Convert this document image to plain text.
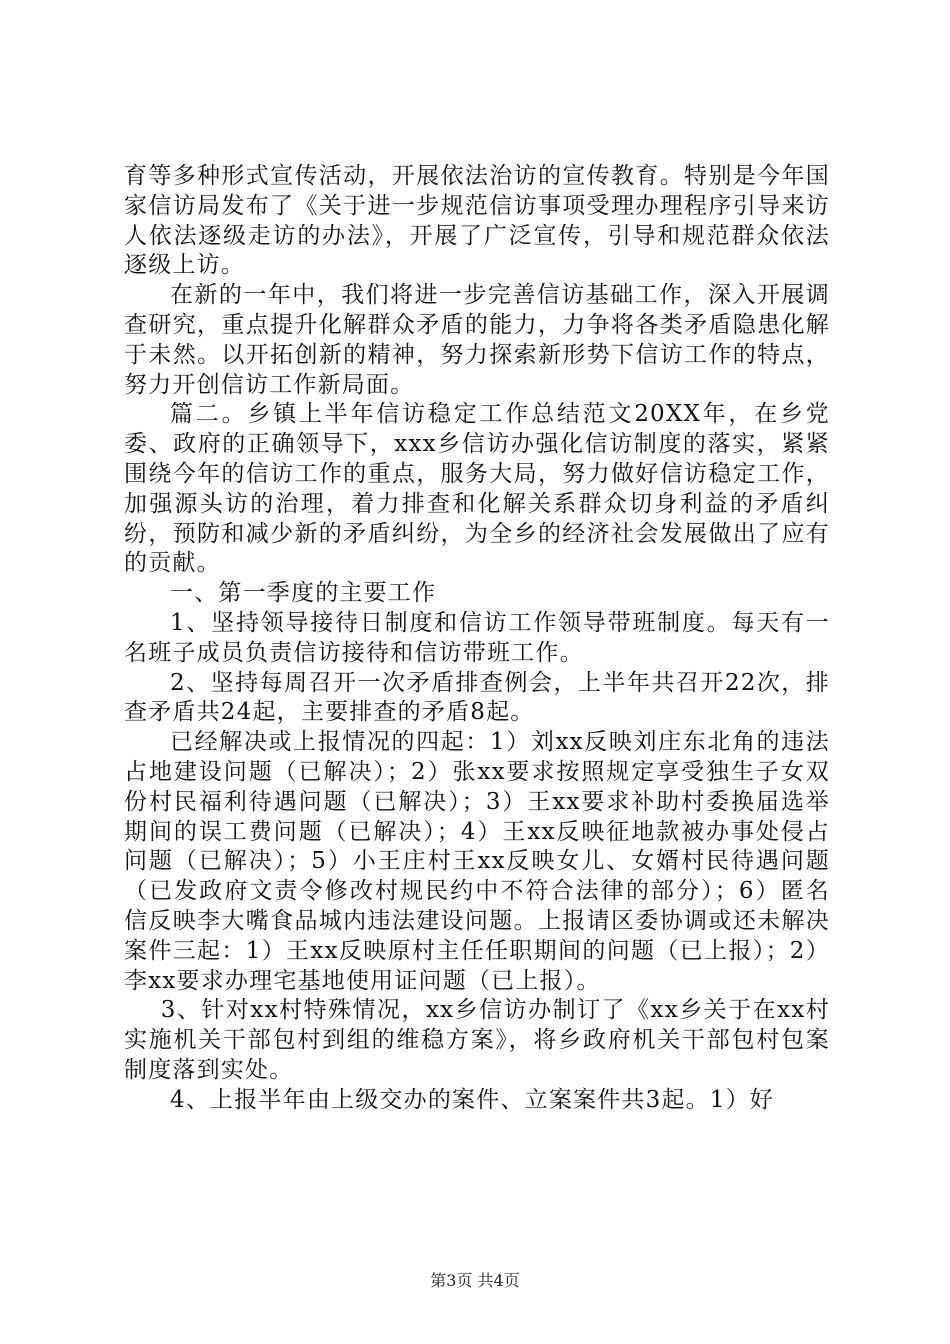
育等多种形式宣传活动，开展依法治访的宣传教育。特别是今年国家信访局发布了《关于进一步规范信访事项受理办理程序引导来访人依法逐级走访的办法》，开展了广泛宣传，引导和规范群众依法逐级上访。

在新的一年中，我们将进一步完善信访基础工作，深入开展调查研究，重点提升化解群众矛盾的能力，力争将各类矛盾隐患化解于未然。以开拓创新的精神，努力探索新形势下信访工作的特点，努力开创信访工作新局面。

篇二。乡镇上半年信访稳定工作总结范文20XX年，在乡党委、政府的正确领导下，xxx乡信访办强化信访制度的落实，紧紧围绕今年的信访工作的重点，服务大局，努力做好信访稳定工作，加强源头访的治理，着力排查和化解关系群众切身利益的矛盾纠纷，预防和减少新的矛盾纠纷，为全乡的经济社会发展做出了应有的贡献。

一、第一季度的主要工作

1、坚持领导接待日制度和信访工作领导带班制度。每天有一名班子成员负责信访接待和信访带班工作。

2、坚持每周召开一次矛盾排查例会，上半年共召开22次，排查矛盾共24起，主要排查的矛盾8起。

已经解决或上报情况的四起：1）刘xx反映刘庄东北角的违法占地建设问题（已解决）；2）张xx要求按照规定享受独生子女双份村民福利待遇问题（已解决）；3）王xx要求补助村委换届选举期间的误工费问题（已解决）；4）王xx反映征地款被办事处侵占问题（已解决）；5）小王庄村王xx反映女儿、女婿村民待遇问题（已发政府文责令修改村规民约中不符合法律的部分）；6）匿名信反映李大嘴食品城内违法建设问题。上报请区委协调或还未解决案件三起：1）王xx反映原村主任任职期间的问题（已上报）；2）李xx要求办理宅基地使用证问题（已上报）。

3、针对xx村特殊情况，xx乡信访办制订了《xx乡关于在xx村实施机关干部包村到组的维稳方案》，将乡政府机关干部包村包案制度落到实处。

4、上报半年由上级交办的案件、立案案件共3起。1）好

第3页 共4页
